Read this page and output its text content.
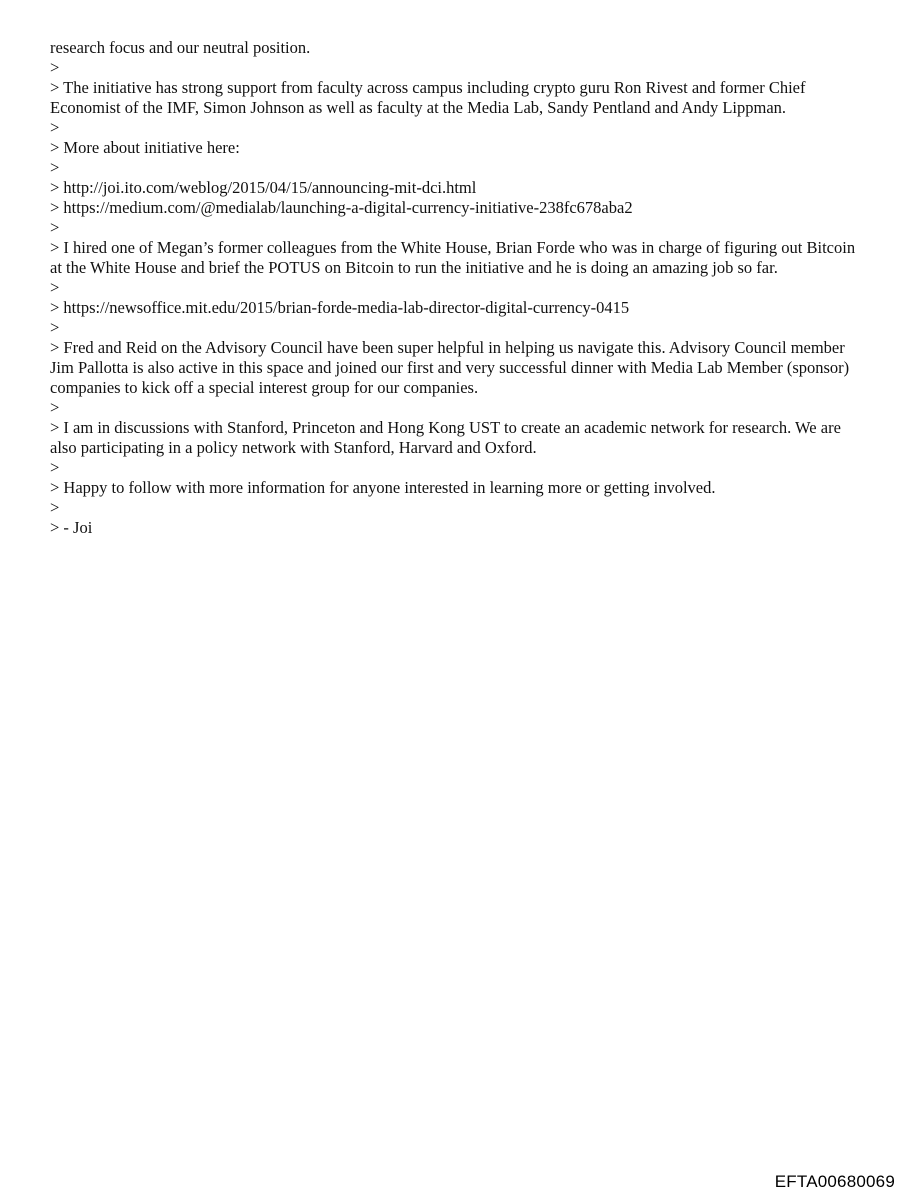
research focus and our neutral position.

>

> The initiative has strong support from faculty across campus including crypto guru Ron Rivest and former Chief Economist of the IMF, Simon Johnson as well as faculty at the Media Lab, Sandy Pentland and Andy Lippman.

>

> More about initiative here:

>

> http://joi.ito.com/weblog/2015/04/15/announcing-mit-dci.html

> https://medium.com/@medialab/launching-a-digital-currency-initiative-238fc678aba2

>

> I hired one of Megan’s former colleagues from the White House, Brian Forde who was in charge of figuring out Bitcoin at the White House and brief the POTUS on Bitcoin to run the initiative and he is doing an amazing job so far.

>

> https://newsoffice.mit.edu/2015/brian-forde-media-lab-director-digital-currency-0415

>

> Fred and Reid on the Advisory Council have been super helpful in helping us navigate this. Advisory Council member Jim Pallotta is also active in this space and joined our first and very successful dinner with Media Lab Member (sponsor) companies to kick off a special interest group for our companies.

>

> I am in discussions with Stanford, Princeton and Hong Kong UST to create an academic network for research. We are also participating in a policy network with Stanford, Harvard and Oxford.

>

> Happy to follow with more information for anyone interested in learning more or getting involved.

>

> - Joi

EFTA00680069
